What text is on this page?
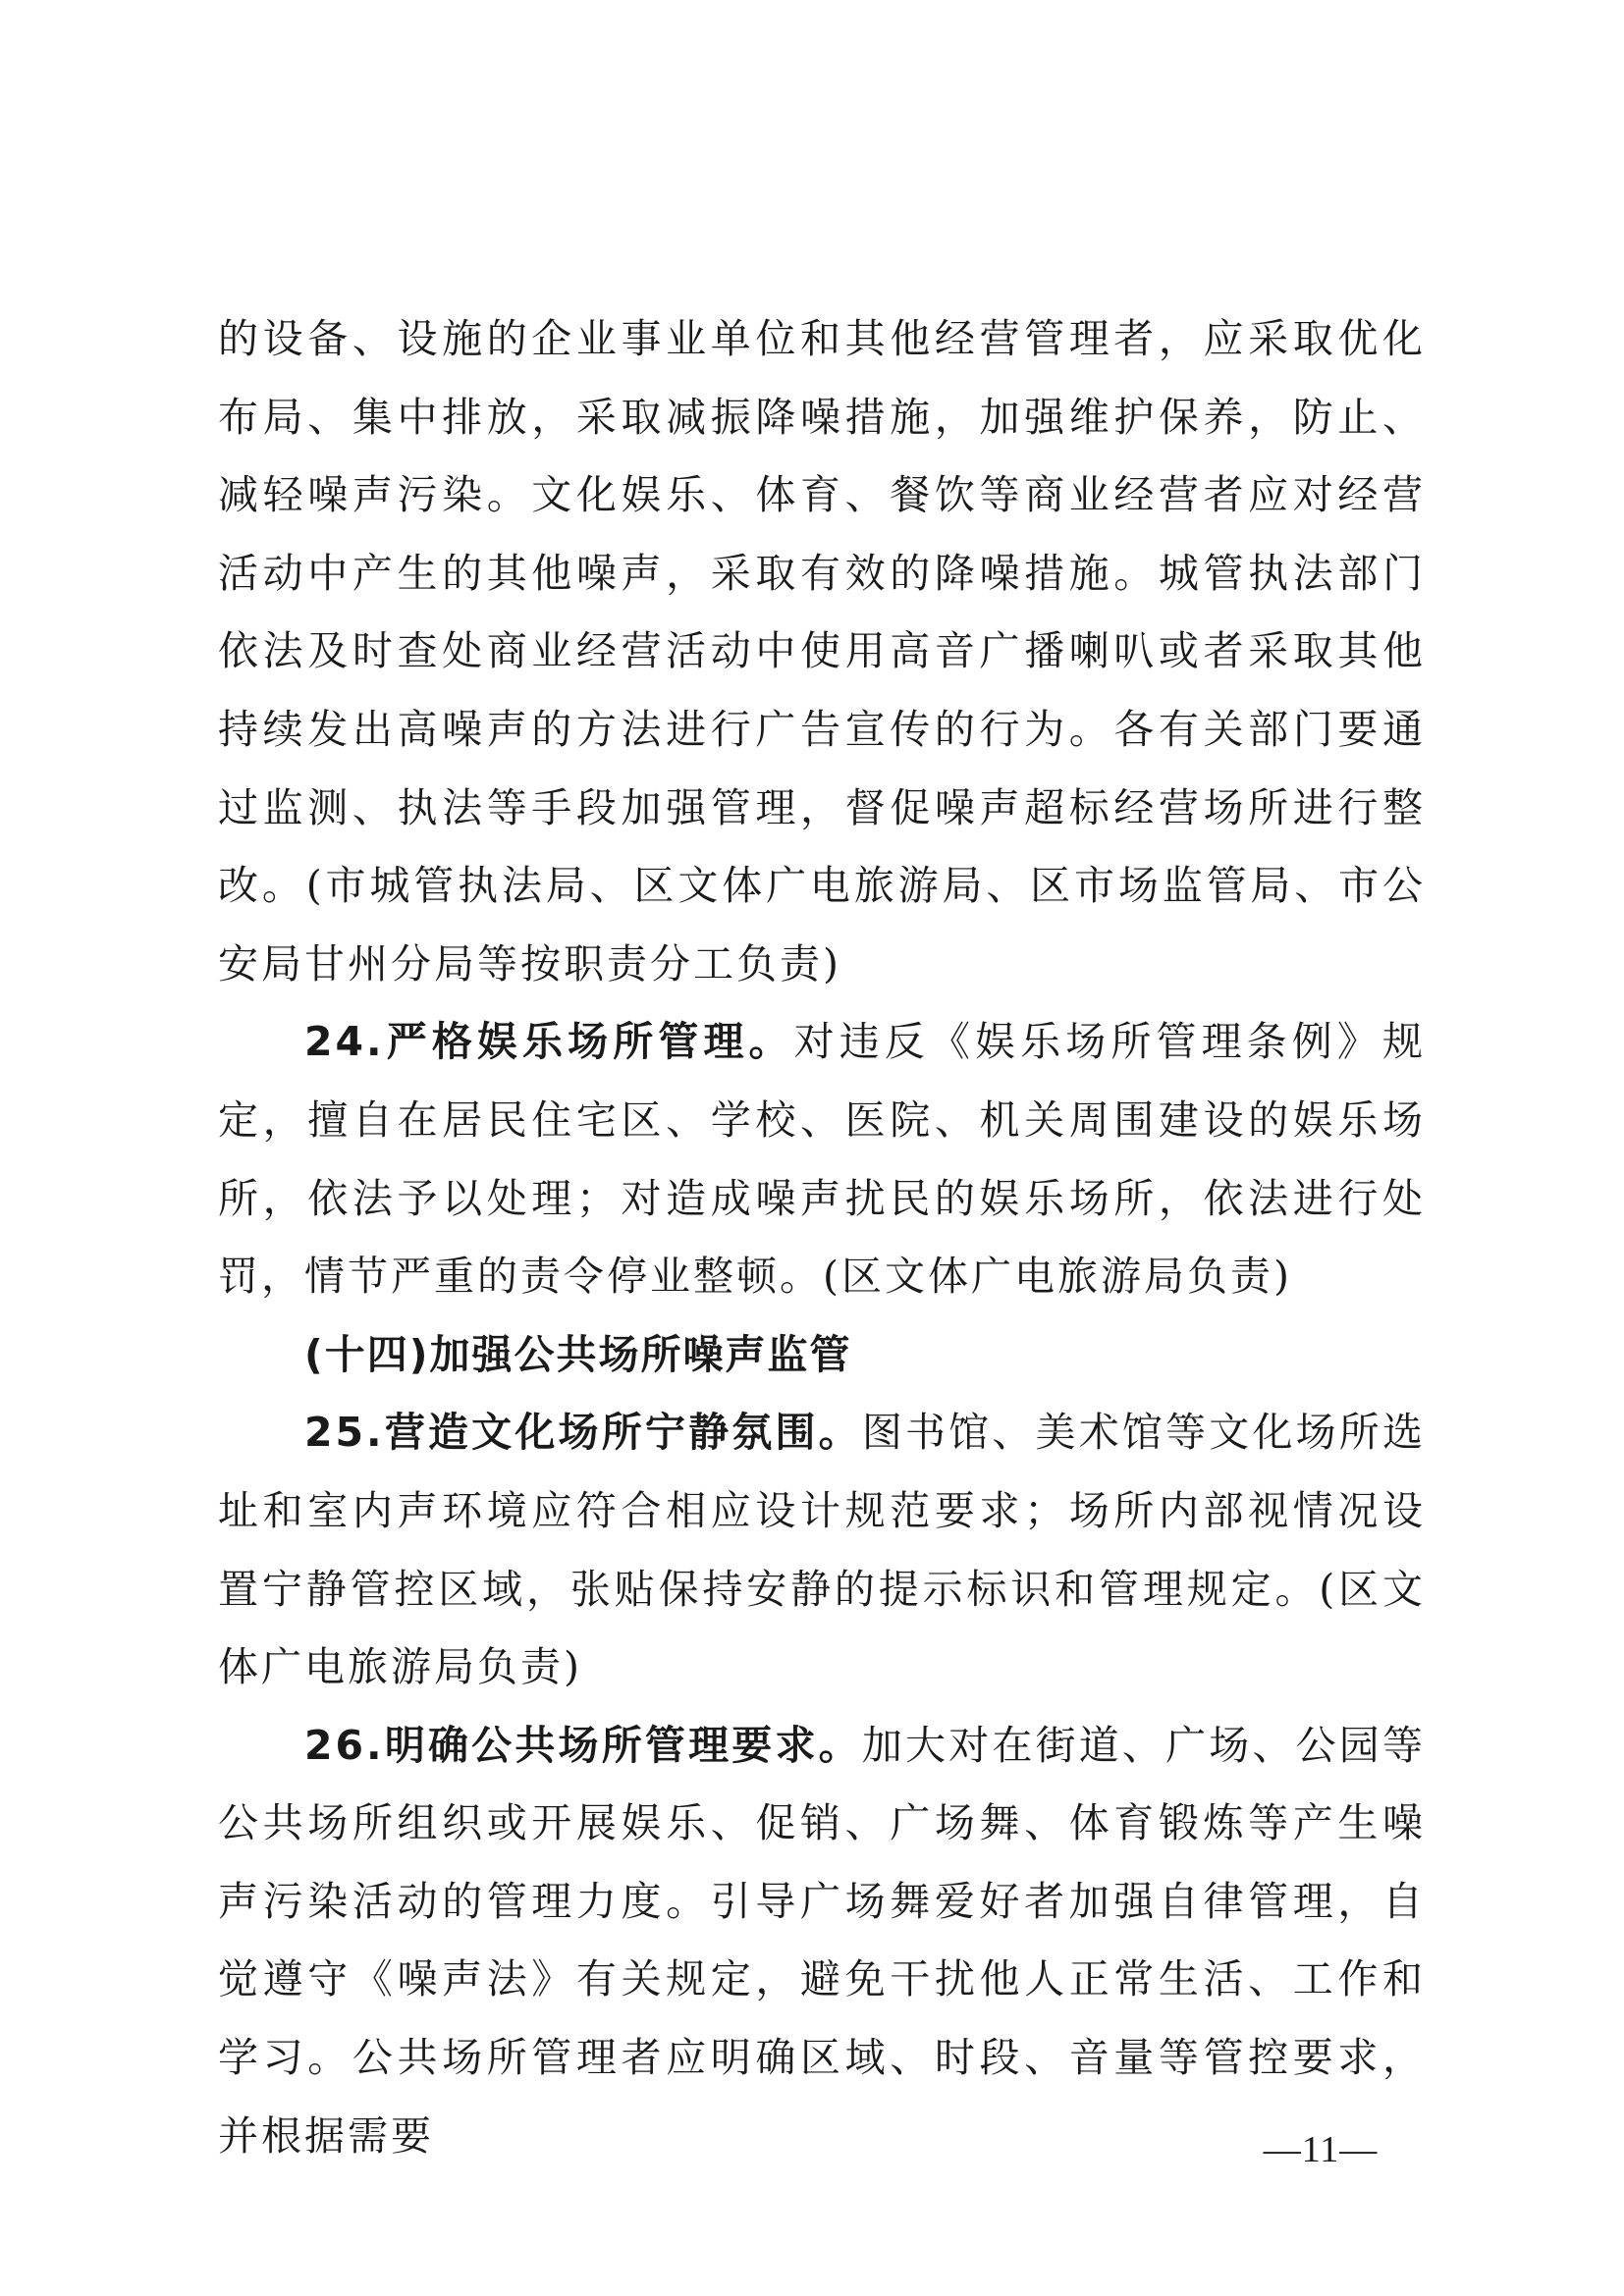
的设备、设施的企业事业单位和其他经营管理者，应采取优化布局、集中排放，采取减振降噪措施，加强维护保养，防止、减轻噪声污染。文化娱乐、体育、餐饮等商业经营者应对经营活动中产生的其他噪声，采取有效的降噪措施。城管执法部门依法及时查处商业经营活动中使用高音广播喇叭或者采取其他持续发出高噪声的方法进行广告宣传的行为。各有关部门要通过监测、执法等手段加强管理，督促噪声超标经营场所进行整改。(市城管执法局、区文体广电旅游局、区市场监管局、市公安局甘州分局等按职责分工负责)

24.严格娱乐场所管理。对违反《娱乐场所管理条例》规定，擅自在居民住宅区、学校、医院、机关周围建设的娱乐场所，依法予以处理；对造成噪声扰民的娱乐场所，依法进行处罚，情节严重的责令停业整顿。(区文体广电旅游局负责)

(十四)加强公共场所噪声监管

25.营造文化场所宁静氛围。图书馆、美术馆等文化场所选址和室内声环境应符合相应设计规范要求；场所内部视情况设置宁静管控区域，张贴保持安静的提示标识和管理规定。(区文体广电旅游局负责)

26.明确公共场所管理要求。加大对在街道、广场、公园等公共场所组织或开展娱乐、促销、广场舞、体育锻炼等产生噪声污染活动的管理力度。引导广场舞爱好者加强自律管理，自觉遵守《噪声法》有关规定，避免干扰他人正常生活、工作和学习。公共场所管理者应明确区域、时段、音量等管控要求，并根据需要	—11—
